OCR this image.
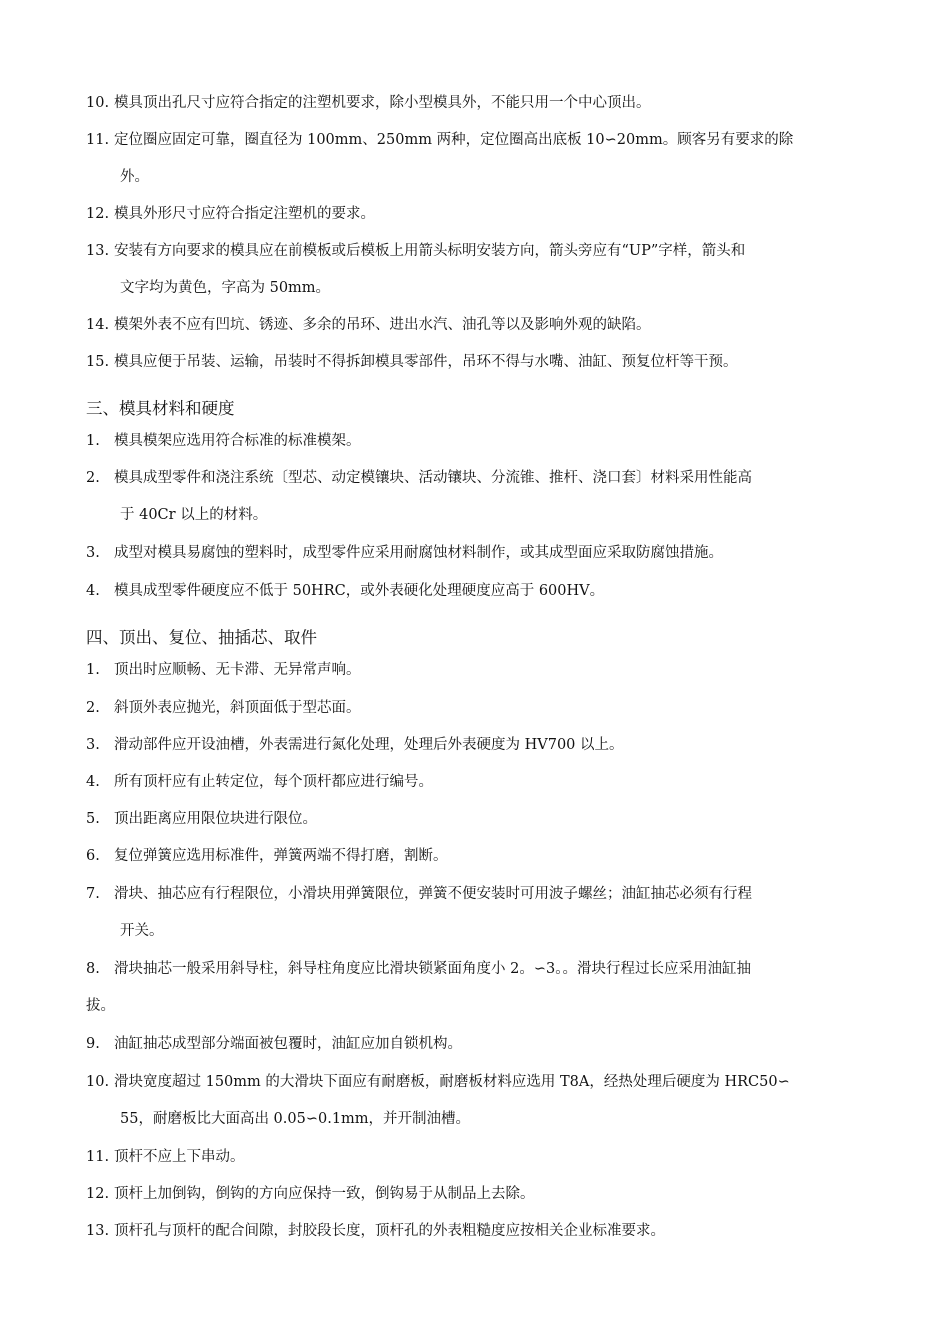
10. 模具顶出孔尺寸应符合指定的注塑机要求，除小型模具外，不能只用一个中心顶出。
11. 定位圈应固定可靠，圈直径为 100mm、250mm 两种，定位圈高出底板 10∽20mm。顾客另有要求的除
外。
12. 模具外形尺寸应符合指定注塑机的要求。
13. 安装有方向要求的模具应在前模板或后模板上用箭头标明安装方向，箭头旁应有“UP”字样，箭头和
文字均为黄色，字高为 50mm。
14. 模架外表不应有凹坑、锈迹、多余的吊环、进出水汽、油孔等以及影响外观的缺陷。
15. 模具应便于吊装、运输，吊装时不得拆卸模具零部件，吊环不得与水嘴、油缸、预复位杆等干预。
三、模具材料和硬度
1. 模具模架应选用符合标准的标准模架。
2. 模具成型零件和浇注系统〔型芯、动定模镶块、活动镶块、分流锥、推杆、浇口套〕材料采用性能高
于 40Cr 以上的材料。
3. 成型对模具易腐蚀的塑料时，成型零件应采用耐腐蚀材料制作，或其成型面应采取防腐蚀措施。
4. 模具成型零件硬度应不低于 50HRC，或外表硬化处理硬度应高于 600HV。
四、顶出、复位、抽插芯、取件
1. 顶出时应顺畅、无卡滞、无异常声响。
2. 斜顶外表应抛光，斜顶面低于型芯面。
3. 滑动部件应开设油槽，外表需进行氮化处理，处理后外表硬度为 HV700 以上。
4. 所有顶杆应有止转定位，每个顶杆都应进行编号。
5. 顶出距离应用限位块进行限位。
6. 复位弹簧应选用标准件，弹簧两端不得打磨，割断。
7. 滑块、抽芯应有行程限位，小滑块用弹簧限位，弹簧不便安装时可用波子螺丝；油缸抽芯必须有行程
开关。
8. 滑块抽芯一般采用斜导柱，斜导柱角度应比滑块锁紧面角度小 2。∽3。。滑块行程过长应采用油缸抽
拔。
9. 油缸抽芯成型部分端面被包覆时，油缸应加自锁机构。
10. 滑块宽度超过 150mm 的大滑块下面应有耐磨板，耐磨板材料应选用 T8A，经热处理后硬度为 HRC50∽
55，耐磨板比大面高出 0.05∽0.1mm，并开制油槽。
11. 顶杆不应上下串动。
12. 顶杆上加倒钩，倒钩的方向应保持一致，倒钩易于从制品上去除。
13. 顶杆孔与顶杆的配合间隙，封胶段长度，顶杆孔的外表粗糙度应按相关企业标准要求。
